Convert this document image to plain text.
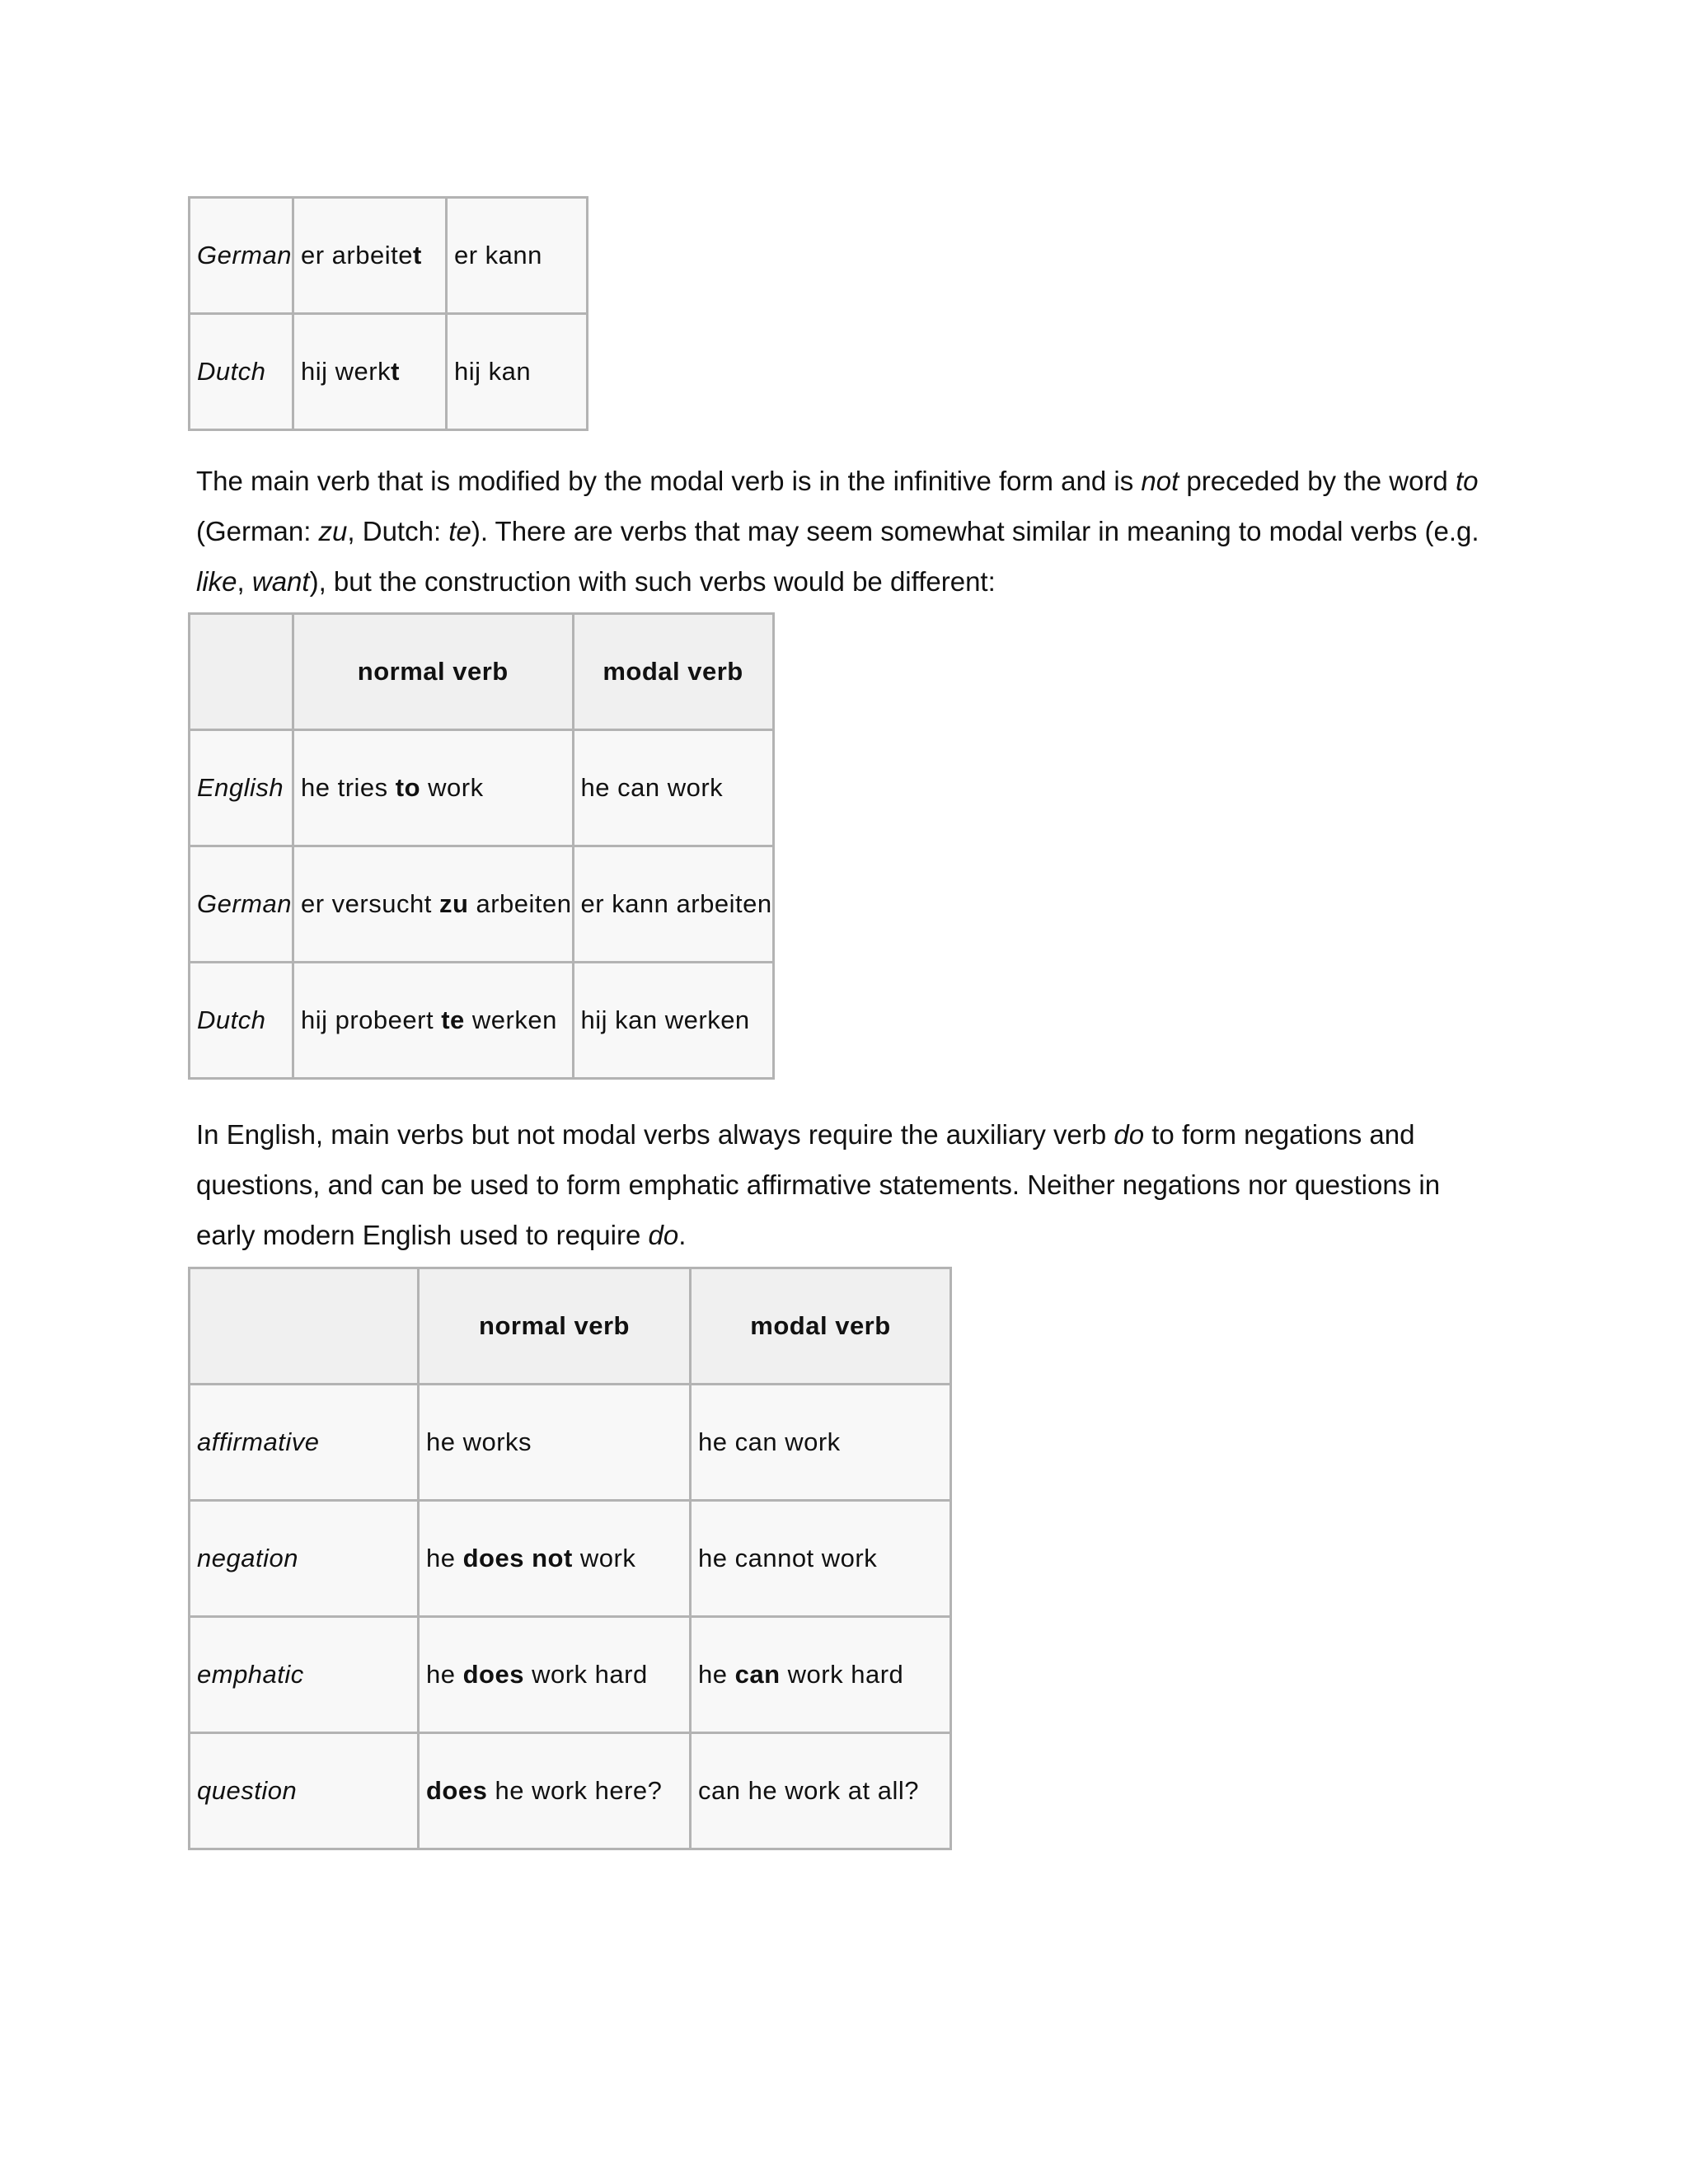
German	er arbeitet	er kann
Dutch	hij werkt	hij kan

The main verb that is modified by the modal verb is in the infinitive form and is not preceded by the word to (German: zu, Dutch: te). There are verbs that may seem somewhat similar in meaning to modal verbs (e.g. like, want), but the construction with such verbs would be different:

	normal verb	modal verb
English	he tries to work	he can work
German	er versucht zu arbeiten	er kann arbeiten
Dutch	hij probeert te werken	hij kan werken

In English, main verbs but not modal verbs always require the auxiliary verb do to form negations and questions, and can be used to form emphatic affirmative statements. Neither negations nor questions in early modern English used to require do.

	normal verb	modal verb
affirmative	he works	he can work
negation	he does not work	he cannot work
emphatic	he does work hard	he can work hard
question	does he work here?	can he work at all?
